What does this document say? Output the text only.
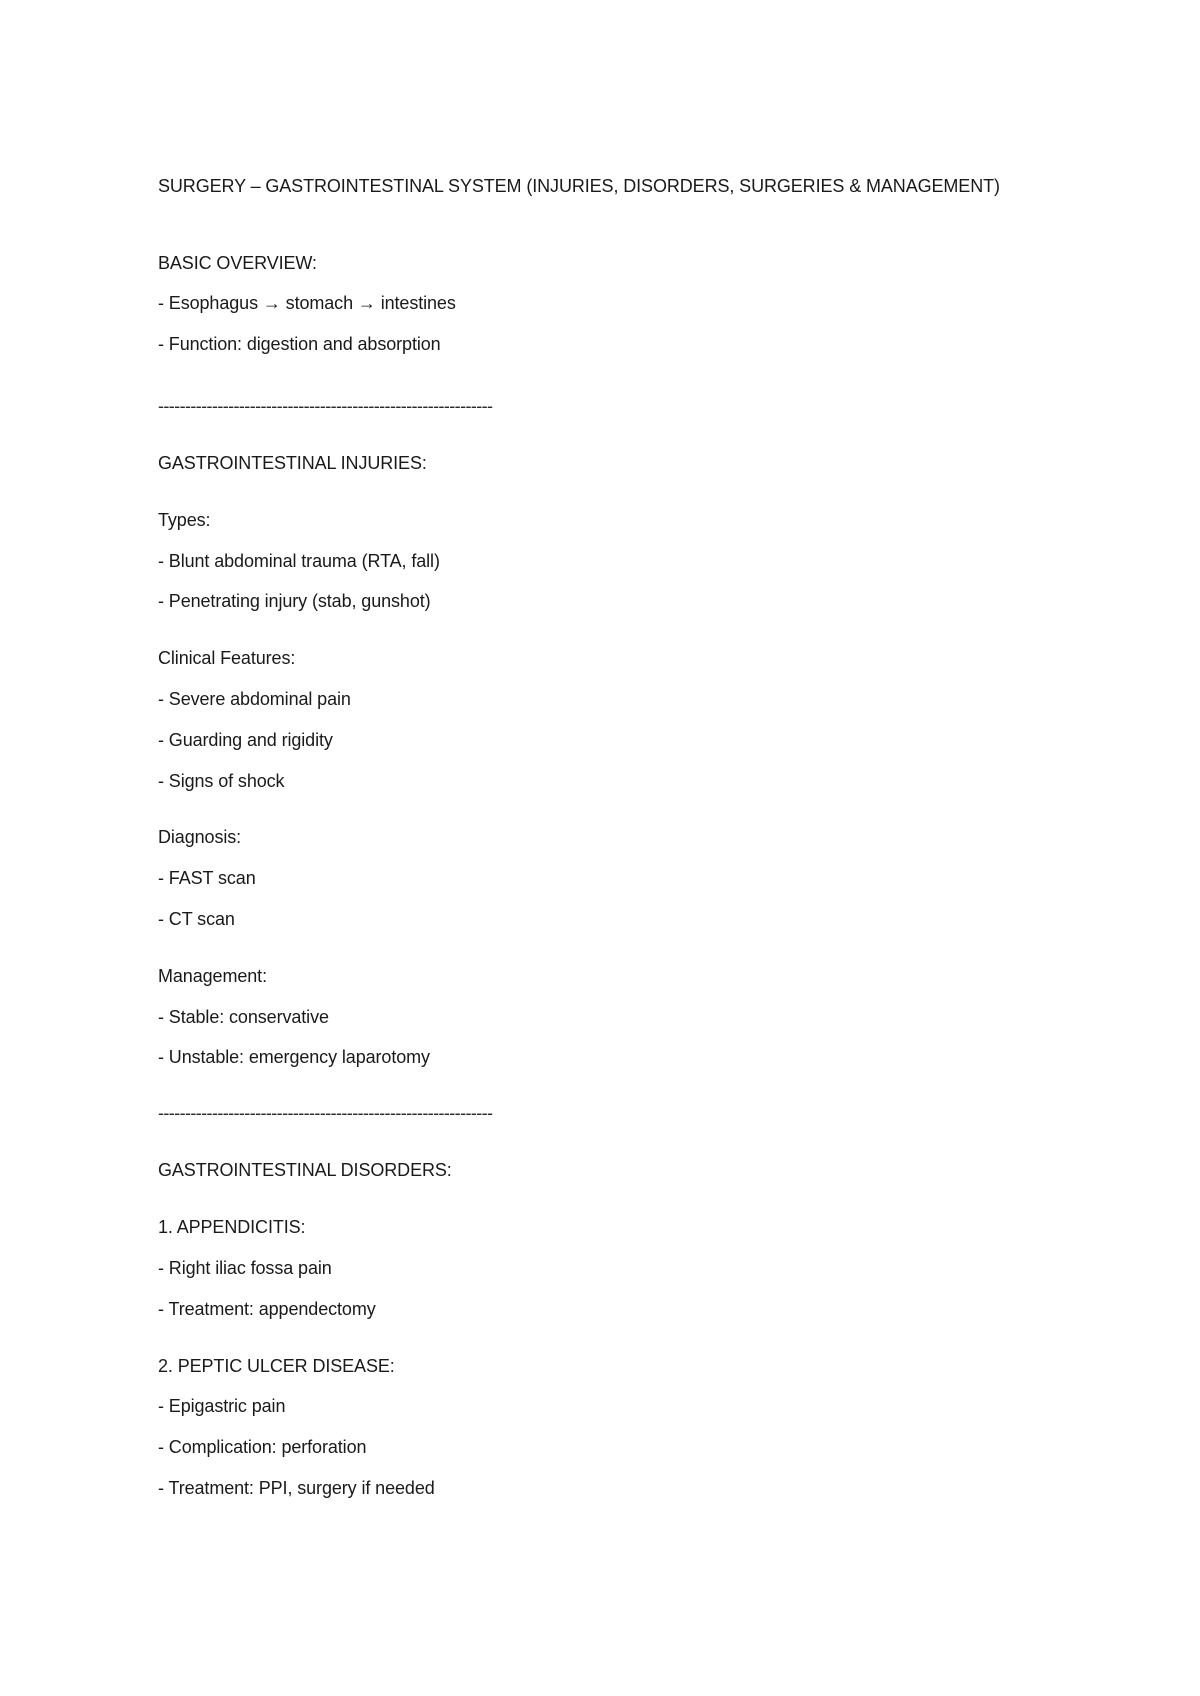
SURGERY – GASTROINTESTINAL SYSTEM (INJURIES, DISORDERS, SURGERIES & MANAGEMENT)

BASIC OVERVIEW:

- Esophagus → stomach → intestines

- Function: digestion and absorption

--------------------------------------------------------------

GASTROINTESTINAL INJURIES:

Types:

- Blunt abdominal trauma (RTA, fall)

- Penetrating injury (stab, gunshot)

Clinical Features:

- Severe abdominal pain

- Guarding and rigidity

- Signs of shock

Diagnosis:

- FAST scan

- CT scan

Management:

- Stable: conservative

- Unstable: emergency laparotomy

--------------------------------------------------------------

GASTROINTESTINAL DISORDERS:

1. APPENDICITIS:

- Right iliac fossa pain

- Treatment: appendectomy

2. PEPTIC ULCER DISEASE:

- Epigastric pain

- Complication: perforation

- Treatment: PPI, surgery if needed
